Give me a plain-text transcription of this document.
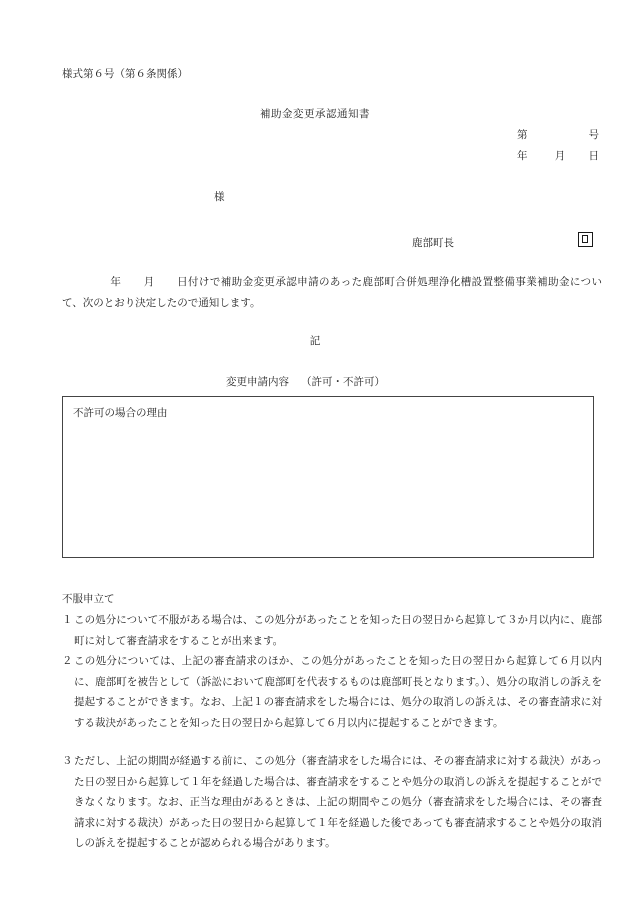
様式第６号（第６条関係）
補助金変更承認通知書
第	号
年	月 日
様
鹿部町長
年 月 日付けで補助金変更承認申請のあった鹿部町合併処理浄化槽設置整備事業補助金について、次のとおり決定したので通知します。
記
変更申請内容 （許可・不許可）
不許可の場合の理由
不服申立て
１ この処分について不服がある場合は、この処分があったことを知った日の翌日から起算して３か月以内に、鹿部町に対して審査請求をすることが出来ます。
２ この処分については、上記の審査請求のほか、この処分があったことを知った日の翌日から起算して６月以内に、鹿部町を被告として（訴訟において鹿部町を代表するものは鹿部町長となります。）、処分の取消しの訴えを提起することができます。なお、上記１の審査請求をした場合には、処分の取消しの訴えは、その審査請求に対する裁決があったことを知った日の翌日から起算して６月以内に提起することができます。
３ ただし、上記の期間が経過する前に、この処分（審査請求をした場合には、その審査請求に対する裁決）があった日の翌日から起算して１年を経過した場合は、審査請求をすることや処分の取消しの訴えを提起することができなくなります。なお、正当な理由があるときは、上記の期間やこの処分（審査請求をした場合には、その審査請求に対する裁決）があった日の翌日から起算して１年を経過した後であっても審査請求することや処分の取消しの訴えを提起することが認められる場合があります。
